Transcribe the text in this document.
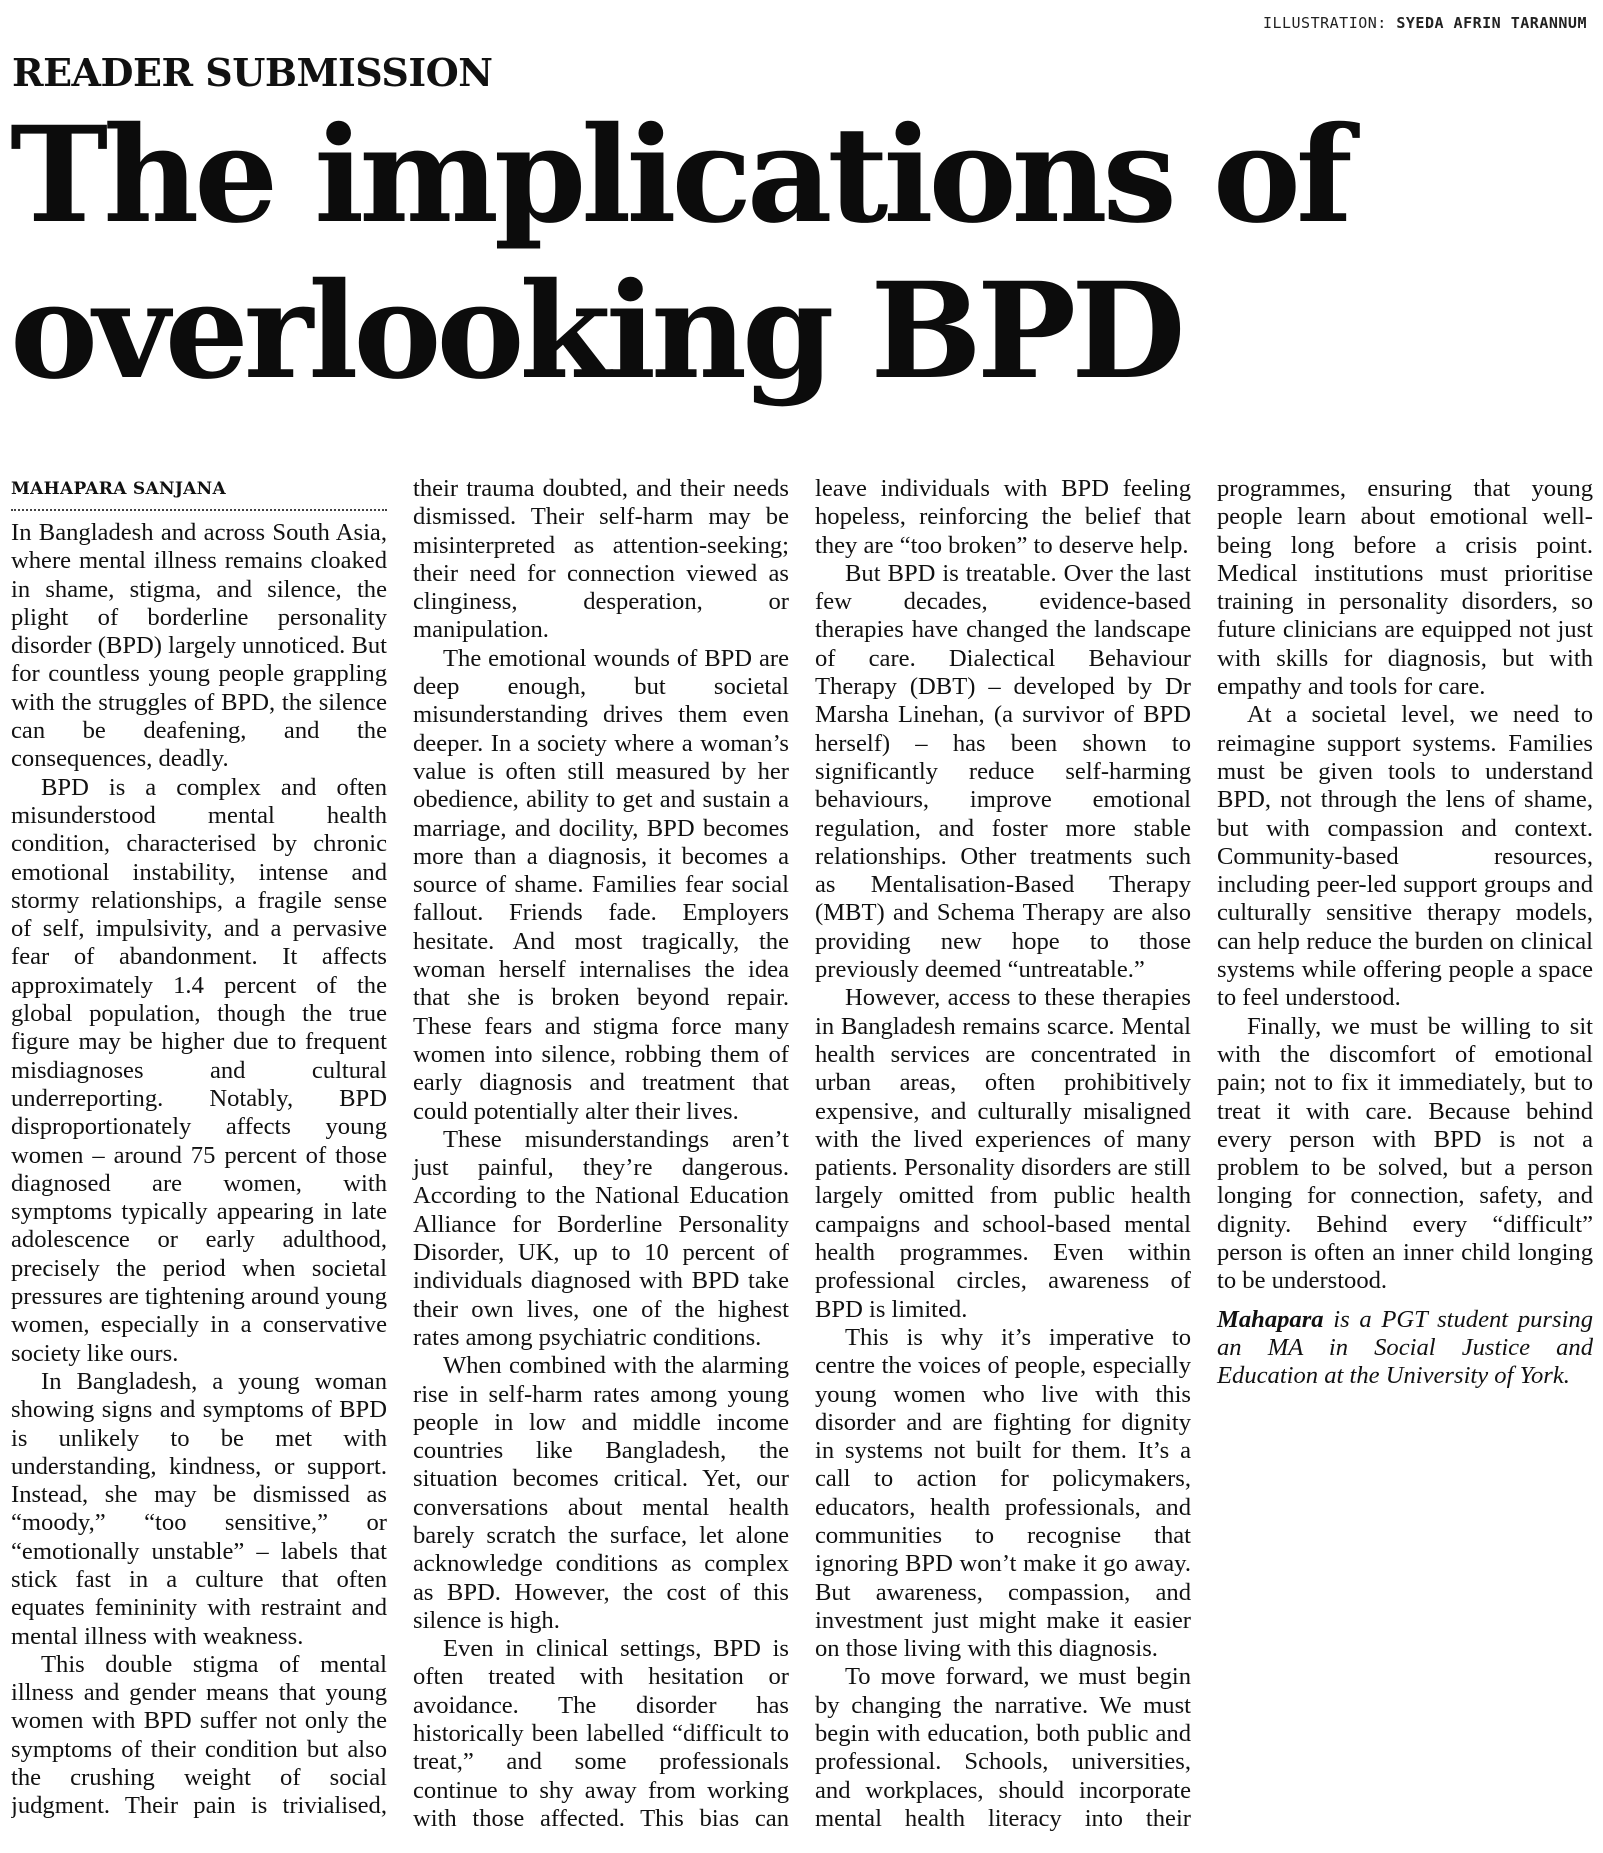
ILLUSTRATION: SYEDA AFRIN TARANNUM
READER SUBMISSION
The implications of
overlooking BPD
MAHAPARA SANJANA

In Bangladesh and across South Asia, where mental illness remains cloaked in shame, stigma, and silence, the plight of borderline personality disorder (BPD) largely unnoticed. But for countless young people grappling with the struggles of BPD, the silence can be deafening, and the consequences, deadly.

BPD is a complex and often misunderstood mental health condition, characterised by chronic emotional instability, intense and stormy relationships, a fragile sense of self, impulsivity, and a pervasive fear of abandonment. It affects approximately 1.4 percent of the global population, though the true figure may be higher due to frequent misdiagnoses and cultural underreporting. Notably, BPD disproportionately affects young women – around 75 percent of those diagnosed are women, with symptoms typically appearing in late adolescence or early adulthood, precisely the period when societal pressures are tightening around young women, especially in a conservative society like ours.

In Bangladesh, a young woman showing signs and symptoms of BPD is unlikely to be met with understanding, kindness, or support. Instead, she may be dismissed as “moody,” “too sensitive,” or “emotionally unstable” – labels that stick fast in a culture that often equates femininity with restraint and mental illness with weakness.

This double stigma of mental illness and gender means that young women with BPD suffer not only the symptoms of their condition but also the crushing weight of social judgment. Their pain is trivialised, their trauma doubted, and their needs dismissed. Their self-harm may be misinterpreted as attention-seeking; their need for connection viewed as clinginess, desperation, or manipulation.

The emotional wounds of BPD are deep enough, but societal misunderstanding drives them even deeper. In a society where a woman’s value is often still measured by her obedience, ability to get and sustain a marriage, and docility, BPD becomes more than a diagnosis, it becomes a source of shame. Families fear social fallout. Friends fade. Employers hesitate. And most tragically, the woman herself internalises the idea that she is broken beyond repair. These fears and stigma force many women into silence, robbing them of early diagnosis and treatment that could potentially alter their lives.

These misunderstandings aren’t just painful, they’re dangerous. According to the National Education Alliance for Borderline Personality Disorder, UK, up to 10 percent of individuals diagnosed with BPD take their own lives, one of the highest rates among psychiatric conditions.

When combined with the alarming rise in self-harm rates among young people in low and middle income countries like Bangladesh, the situation becomes critical. Yet, our conversations about mental health barely scratch the surface, let alone acknowledge conditions as complex as BPD. However, the cost of this silence is high.

Even in clinical settings, BPD is often treated with hesitation or avoidance. The disorder has historically been labelled “difficult to treat,” and some professionals continue to shy away from working with those affected. This bias can leave individuals with BPD feeling hopeless, reinforcing the belief that they are “too broken” to deserve help.

But BPD is treatable. Over the last few decades, evidence-based therapies have changed the landscape of care. Dialectical Behaviour Therapy (DBT) – developed by Dr Marsha Linehan, (a survivor of BPD herself) – has been shown to significantly reduce self-harming behaviours, improve emotional regulation, and foster more stable relationships. Other treatments such as Mentalisation-Based Therapy (MBT) and Schema Therapy are also providing new hope to those previously deemed “untreatable.”

However, access to these therapies in Bangladesh remains scarce. Mental health services are concentrated in urban areas, often prohibitively expensive, and culturally misaligned with the lived experiences of many patients. Personality disorders are still largely omitted from public health campaigns and school-based mental health programmes. Even within professional circles, awareness of BPD is limited.

This is why it’s imperative to centre the voices of people, especially young women who live with this disorder and are fighting for dignity in systems not built for them. It’s a call to action for policymakers, educators, health professionals, and communities to recognise that ignoring BPD won’t make it go away. But awareness, compassion, and investment just might make it easier on those living with this diagnosis.

To move forward, we must begin by changing the narrative. We must begin with education, both public and professional. Schools, universities, and workplaces, should incorporate mental health literacy into their programmes, ensuring that young people learn about emotional well-being long before a crisis point. Medical institutions must prioritise training in personality disorders, so future clinicians are equipped not just with skills for diagnosis, but with empathy and tools for care.

At a societal level, we need to reimagine support systems. Families must be given tools to understand BPD, not through the lens of shame, but with compassion and context. Community-based resources, including peer-led support groups and culturally sensitive therapy models, can help reduce the burden on clinical systems while offering people a space to feel understood.

Finally, we must be willing to sit with the discomfort of emotional pain; not to fix it immediately, but to treat it with care. Because behind every person with BPD is not a problem to be solved, but a person longing for connection, safety, and dignity. Behind every “difficult” person is often an inner child longing to be understood.

Mahapara is a PGT student pursing an MA in Social Justice and Education at the University of York.
